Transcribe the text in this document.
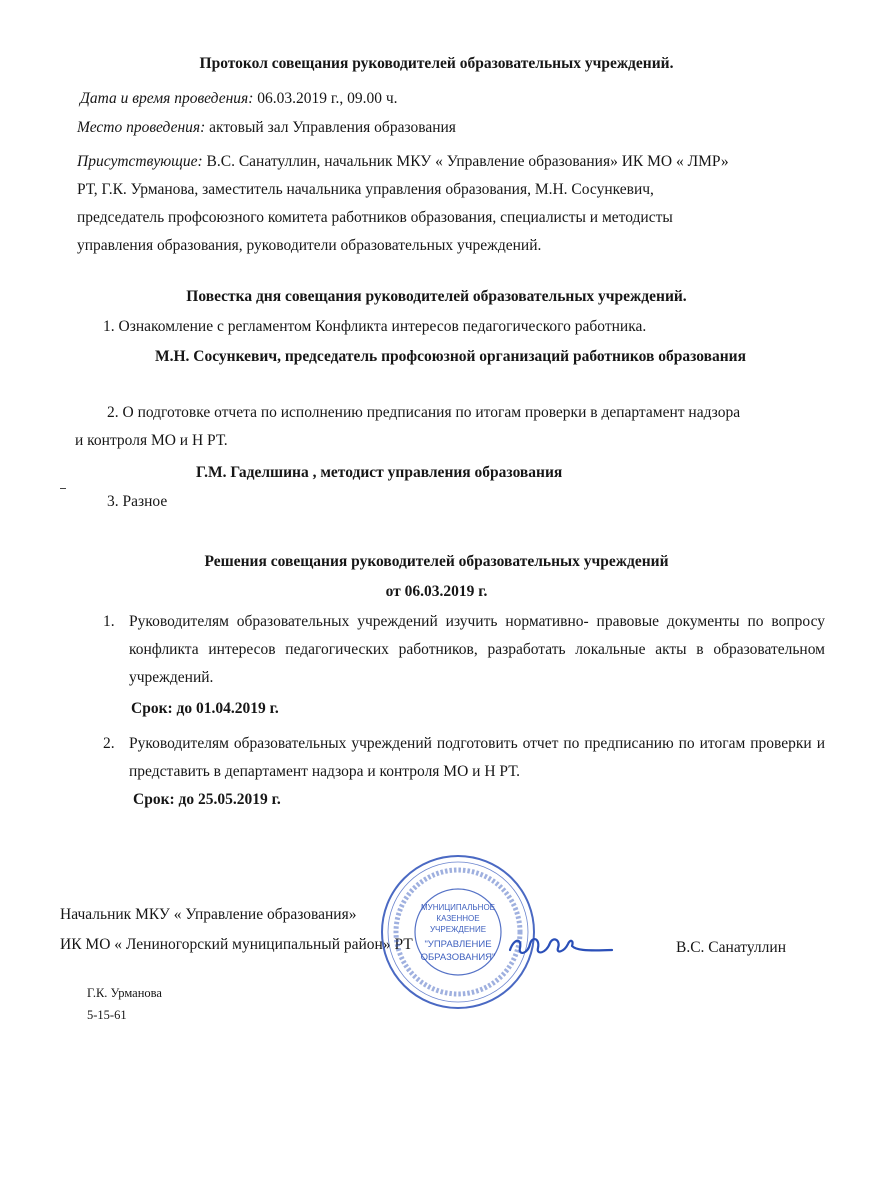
Протокол совещания руководителей образовательных учреждений.
Дата и время проведения: 06.03.2019 г., 09.00 ч.
Место проведения: актовый зал Управления образования
Присутствующие: В.С. Санатуллин, начальник МКУ « Управление образования» ИК МО « ЛМР»
РТ, Г.К. Урманова, заместитель начальника управления образования, М.Н. Сосункевич,
председатель профсоюзного комитета работников образования, специалисты и методисты
управления образования, руководители образовательных учреждений.
Повестка дня совещания руководителей образовательных учреждений.
1. Ознакомление с регламентом Конфликта интересов педагогического работника.
М.Н. Сосункевич, председатель профсоюзной организаций работников образования
2. О подготовке отчета по исполнению предписания по итогам проверки в департамент надзора
и контроля МО и Н РТ.
Г.М. Гаделшина , методист управления образования
3. Разное
Решения совещания руководителей образовательных учреждений
от 06.03.2019 г.
1. Руководителям образовательных учреждений изучить нормативно- правовые документы по вопросу конфликта интересов педагогических работников, разработать локальные акты в образовательном учреждений.
Срок: до 01.04.2019 г.
2. Руководителям образовательных учреждений подготовить отчет по предписанию по итогам проверки и представить в департамент надзора и контроля МО и Н РТ.
Срок: до 25.05.2019 г.
Начальник МКУ « Управление образования»
ИК МО « Лениногорский муниципальный район» РТ	В.С. Санатуллин
МУНИЦИПАЛЬНОЕ
КАЗЕННОЕ
УЧРЕЖДЕНИЕ
"УПРАВЛЕНИЕ
ОБРАЗОВАНИЯ"
Г.К. Урманова
5-15-61
